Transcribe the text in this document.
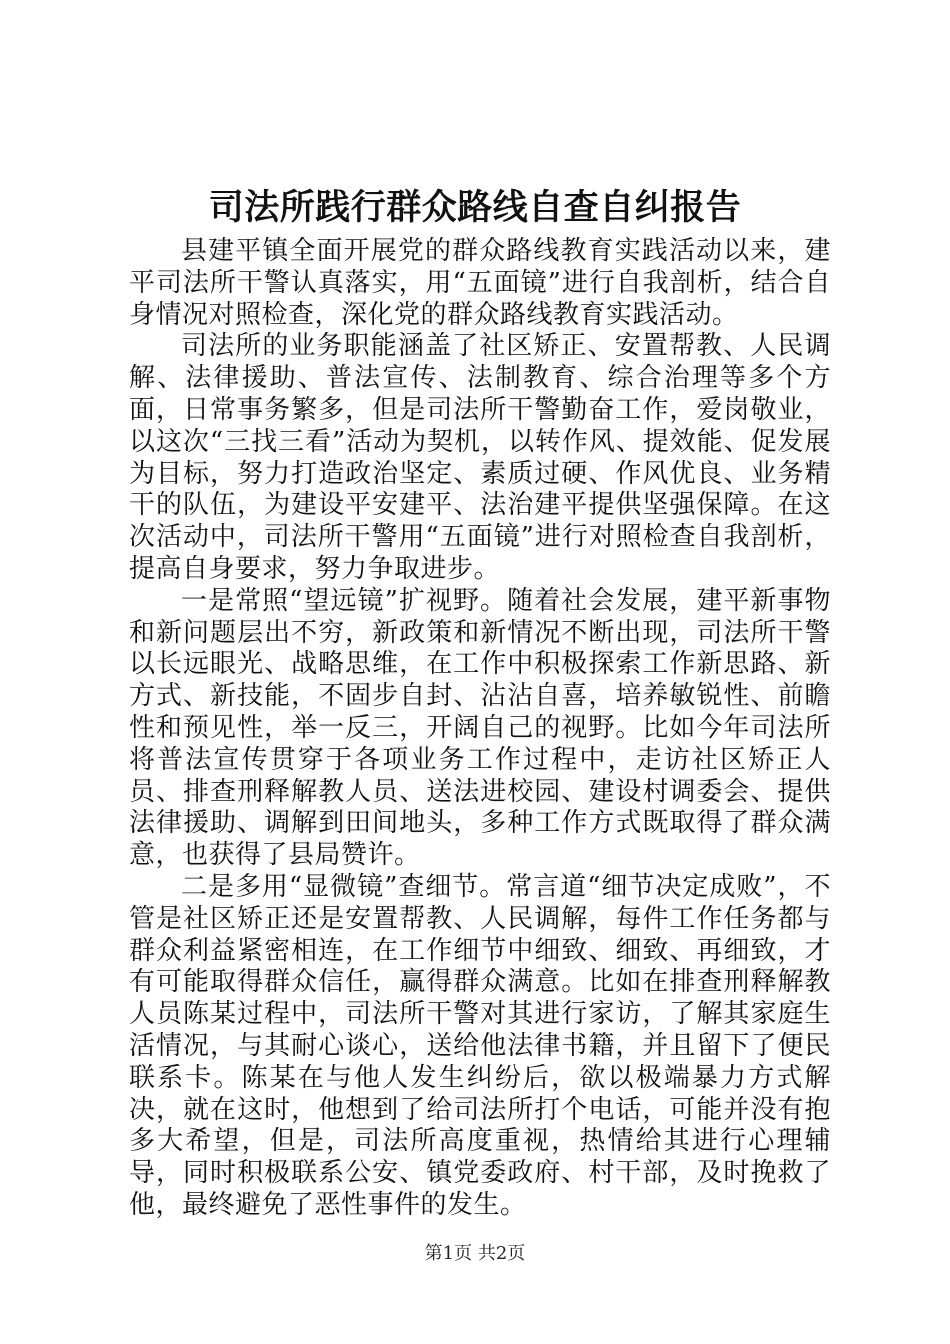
司法所践行群众路线自查自纠报告

县建平镇全面开展党的群众路线教育实践活动以来，建平司法所干警认真落实，用“五面镜”进行自我剖析，结合自身情况对照检查，深化党的群众路线教育实践活动。

司法所的业务职能涵盖了社区矫正、安置帮教、人民调解、法律援助、普法宣传、法制教育、综合治理等多个方面，日常事务繁多，但是司法所干警勤奋工作，爱岗敬业，以这次“三找三看”活动为契机，以转作风、提效能、促发展为目标，努力打造政治坚定、素质过硬、作风优良、业务精干的队伍，为建设平安建平、法治建平提供坚强保障。在这次活动中，司法所干警用“五面镜”进行对照检查自我剖析，提高自身要求，努力争取进步。

一是常照“望远镜”扩视野。随着社会发展，建平新事物和新问题层出不穷，新政策和新情况不断出现，司法所干警以长远眼光、战略思维，在工作中积极探索工作新思路、新方式、新技能，不固步自封、沾沾自喜，培养敏锐性、前瞻性和预见性，举一反三，开阔自己的视野。比如今年司法所将普法宣传贯穿于各项业务工作过程中，走访社区矫正人员、排查刑释解教人员、送法进校园、建设村调委会、提供法律援助、调解到田间地头，多种工作方式既取得了群众满意，也获得了县局赞许。

二是多用“显微镜”查细节。常言道“细节决定成败”，不管是社区矫正还是安置帮教、人民调解，每件工作任务都与群众利益紧密相连，在工作细节中细致、细致、再细致，才有可能取得群众信任，赢得群众满意。比如在排查刑释解教人员陈某过程中，司法所干警对其进行家访，了解其家庭生活情况，与其耐心谈心，送给他法律书籍，并且留下了便民联系卡。陈某在与他人发生纠纷后，欲以极端暴力方式解决，就在这时，他想到了给司法所打个电话，可能并没有抱多大希望，但是，司法所高度重视，热情给其进行心理辅导，同时积极联系公安、镇党委政府、村干部，及时挽救了他，最终避免了恶性事件的发生。

第1页 共2页
